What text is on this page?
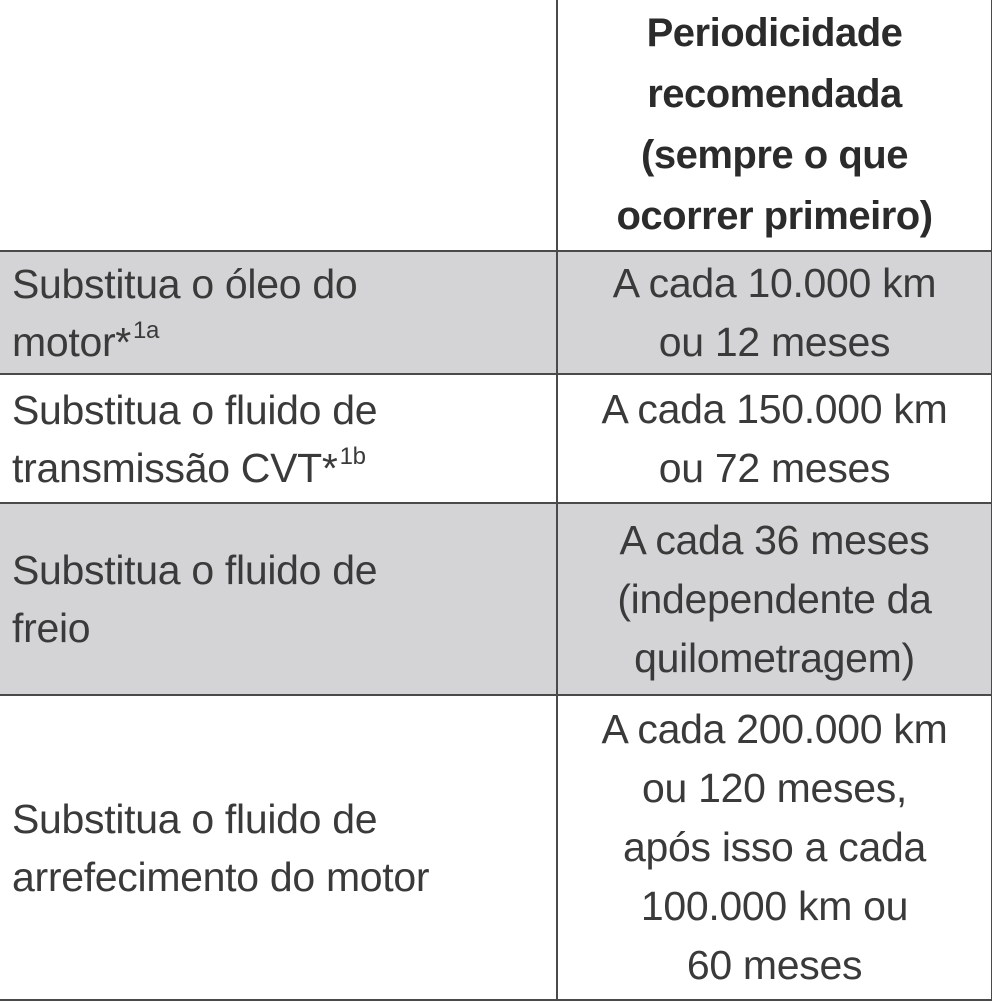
	Periodicidade
recomendada
(sempre o que
ocorrer primeiro)

Substitua o óleo do
motor*$^{1a}$	A cada 10.000 km
ou 12 meses

Substitua o fluido de
transmissão CVT*$^{1b}$	A cada 150.000 km
ou 72 meses

Substitua o fluido de
freio	A cada 36 meses
(independente da
quilometragem)

Substitua o fluido de
arrefecimento do motor	A cada 200.000 km
ou 120 meses,
após isso a cada
100.000 km ou
60 meses
